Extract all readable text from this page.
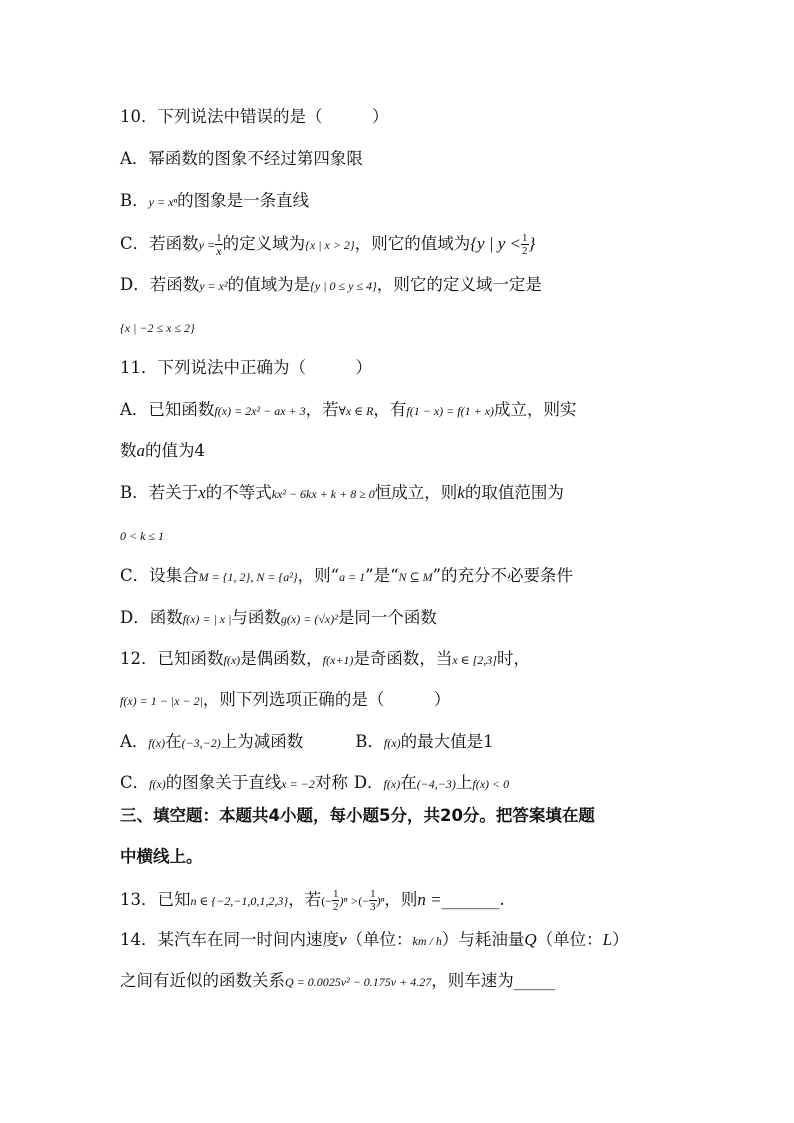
10．下列说法中错误的是（　　　）
A．幂函数的图象不经过第四象限
B．y = xⁿ的图象是一条直线
C．若函数$y = \frac{1}{x}$ 的定义域为{x | x > 2}，则它的值域为{y | $y < \frac{1}{2}$ }
D．若函数y = x²的值域为是{y | 0 ≤ y ≤ 4}，则它的定义域一定是
{x | −2 ≤ x ≤ 2}
11．下列说法中正确为（　　　）
A．已知函数f(x) = 2x² − ax + 3，若∀x ∈ R，有f(1 − x) = f(1 + x)成立，则实
数a的值为4
B．若关于x的不等式kx² − 6kx + k + 8 ≥ 0恒成立，则k的取值范围为
0 < k ≤ 1
C．设集合M = {1, 2}, N = {a²}，则“a = 1”是“N ⊆ M”的充分不必要条件
D．函数f(x) = | x |与函数g(x) = (√x)²是同一个函数
12．已知函数f(x)是偶函数，f(x+1)是奇函数，当x ∈ [2,3]时，
f(x) = 1 − |x − 2|，则下列选项正确的是（　　　）
A．f(x)在(−3,−2)上为减函数	B．f(x)的最大值是1
C．f(x)的图象关于直线x = −2对称 D．f(x)在(−4,−3)上f(x) < 0
三、填空题：本题共4小题，每小题5分，共20分。把答案填在题
中横线上。
13．已知n ∈ {−2,−1,0,1,2,3}，若(− $\frac{1}{2} )^n$ >(− $\frac{1}{3} )^n$，则n =_______.
14．某汽车在同一时间内速度v（单位：km / h）与耗油量Q（单位：L）
之间有近似的函数关系Q = 0.0025v² − 0.175v + 4.27，则车速为_____
